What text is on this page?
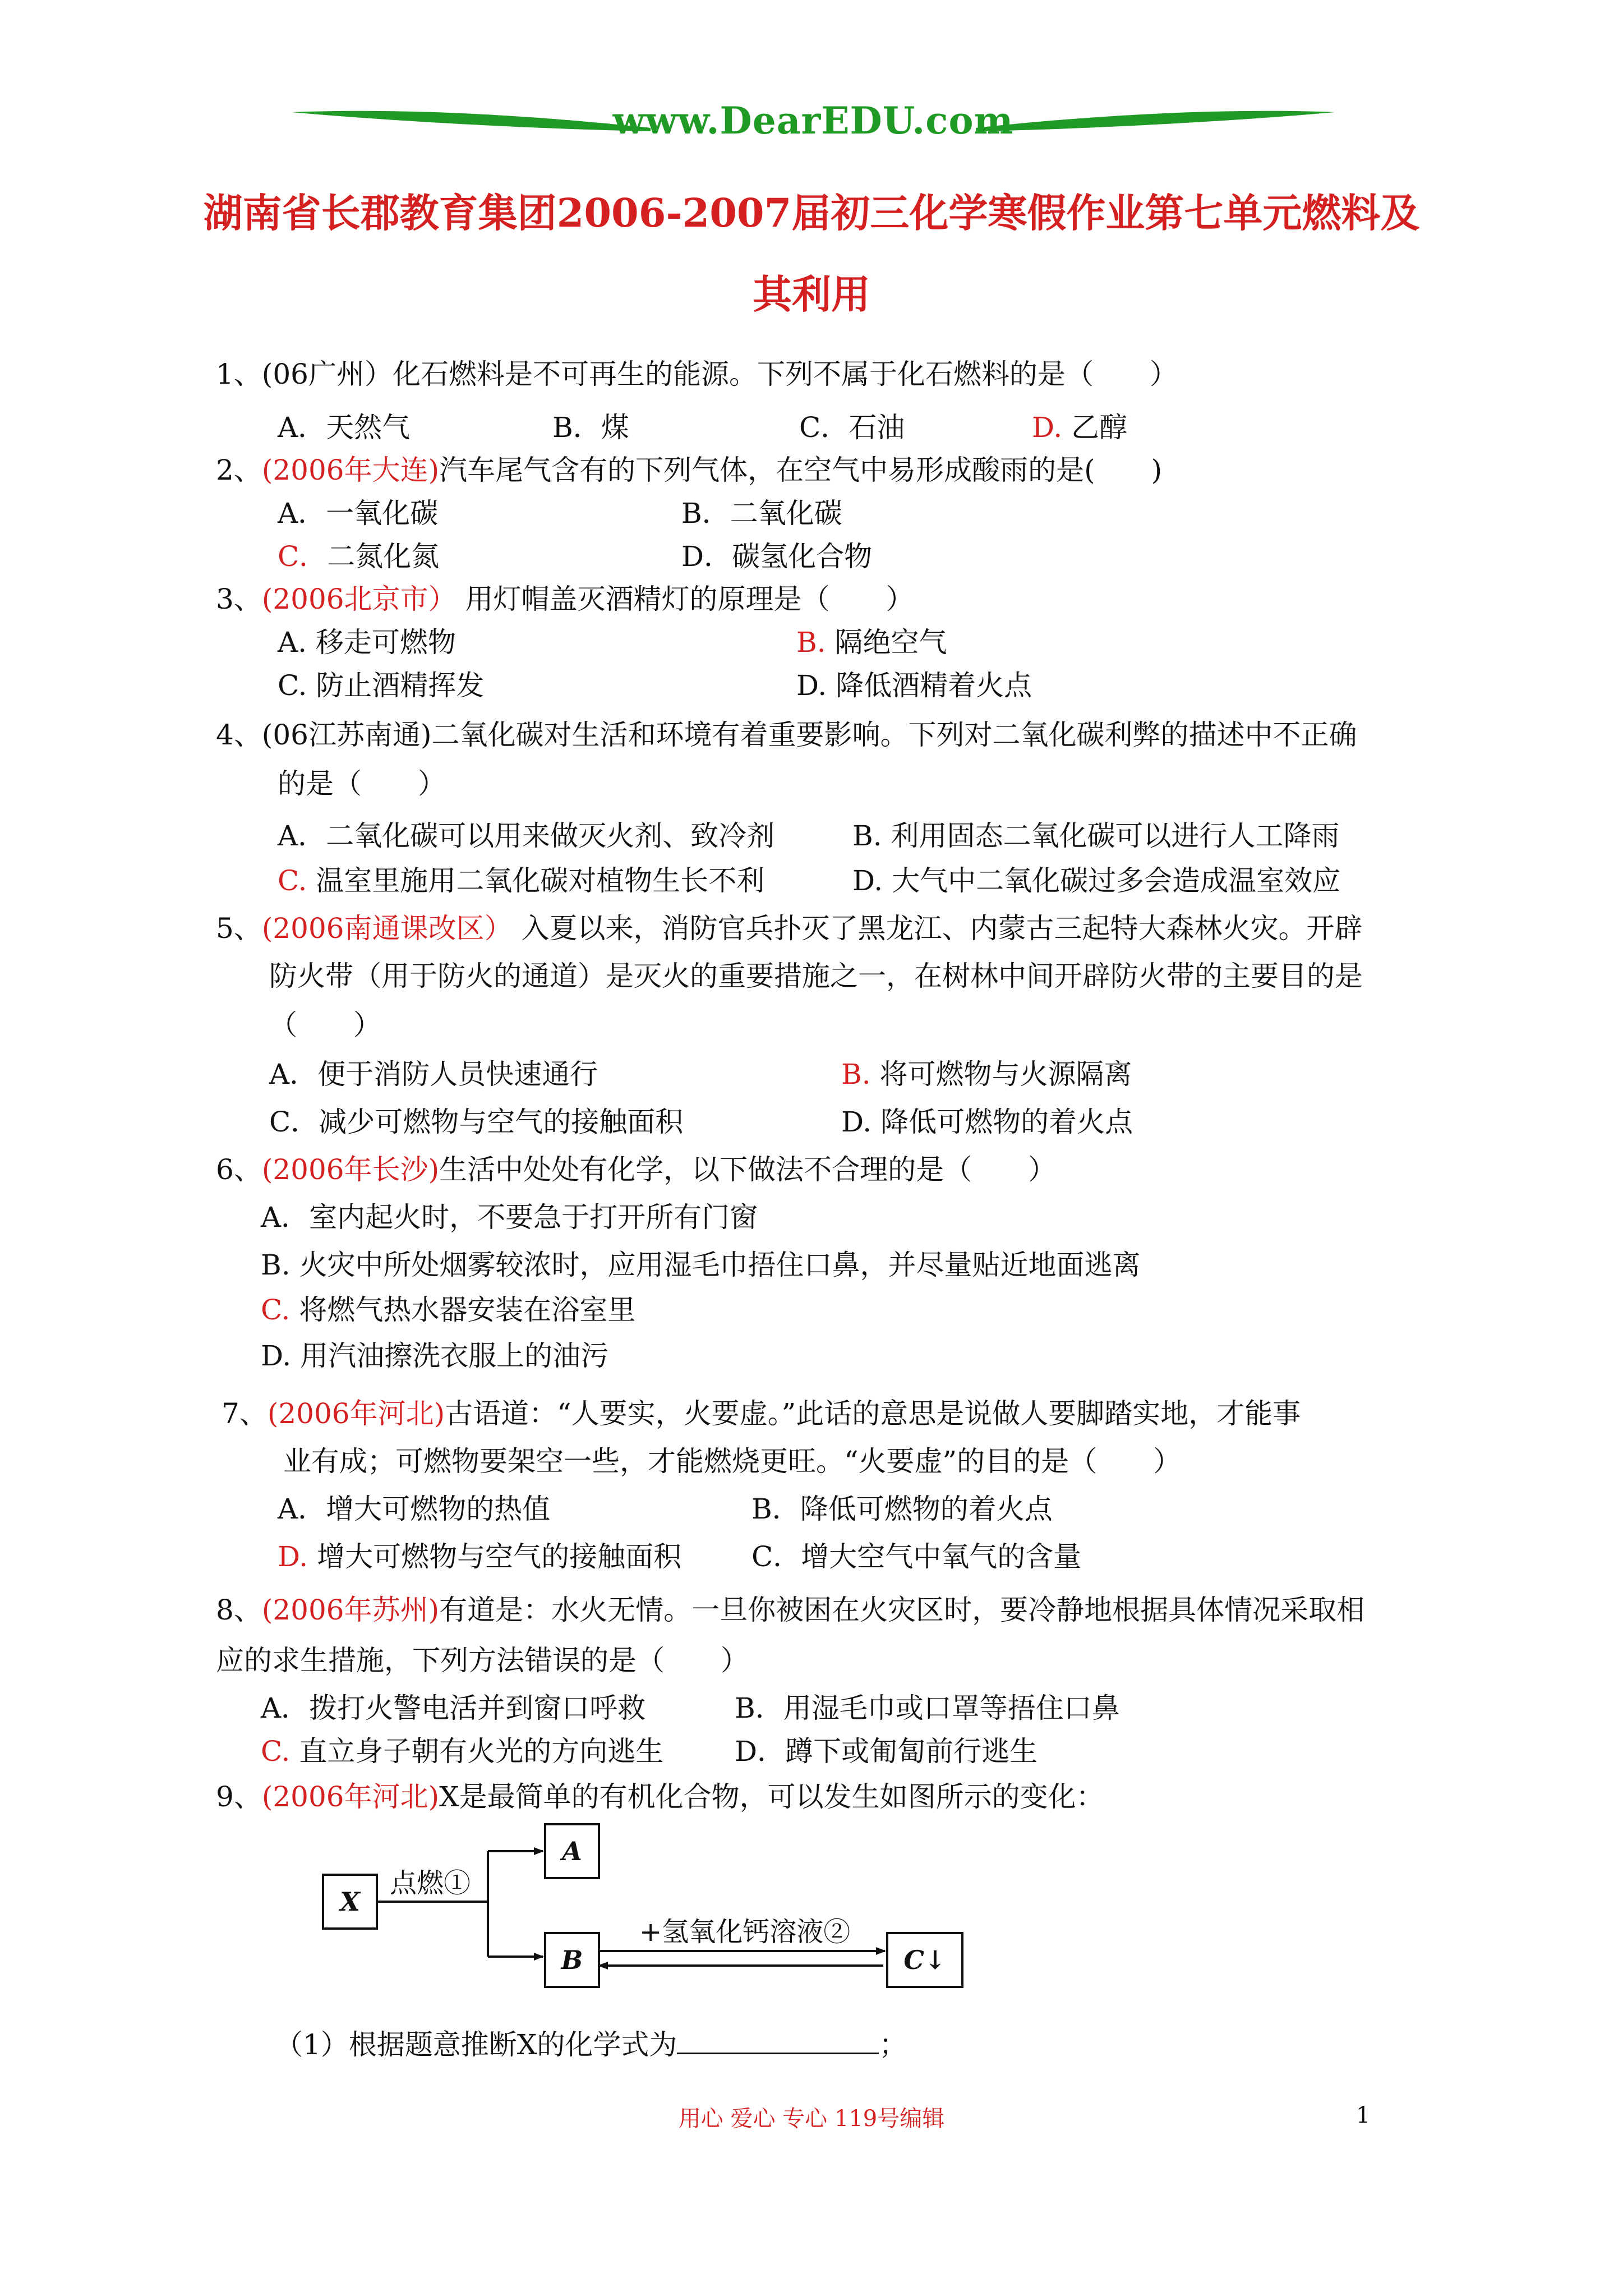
www.DearEDU.com
湖南省长郡教育集团2006-2007届初三化学寒假作业第七单元燃料及
其利用
1、(06广州）化石燃料是不可再生的能源。下列不属于化石燃料的是（　　）
A．天然气	B．煤	C．石油	D. 乙醇
2、(2006年大连)汽车尾气含有的下列气体，在空气中易形成酸雨的是(　　)
A．一氧化碳	B．二氧化碳
C．二氮化氮	D．碳氢化合物
3、(2006北京市） 用灯帽盖灭酒精灯的原理是（　　）
A. 移走可燃物	B. 隔绝空气
C. 防止酒精挥发	D. 降低酒精着火点
4、(06江苏南通)二氧化碳对生活和环境有着重要影响。下列对二氧化碳利弊的描述中不正确
的是（　　）
A．二氧化碳可以用来做灭火剂、致冷剂	B. 利用固态二氧化碳可以进行人工降雨
C. 温室里施用二氧化碳对植物生长不利	D. 大气中二氧化碳过多会造成温室效应
5、(2006南通课改区） 入夏以来，消防官兵扑灭了黑龙江、内蒙古三起特大森林火灾。开辟
防火带（用于防火的通道）是灭火的重要措施之一，在树林中间开辟防火带的主要目的是
（　　）
A．便于消防人员快速通行	B. 将可燃物与火源隔离
C．减少可燃物与空气的接触面积	D. 降低可燃物的着火点
6、(2006年长沙)生活中处处有化学，以下做法不合理的是（　　）
A．室内起火时，不要急于打开所有门窗
B. 火灾中所处烟雾较浓时，应用湿毛巾捂住口鼻，并尽量贴近地面逃离
C. 将燃气热水器安装在浴室里
D. 用汽油擦洗衣服上的油污
7、(2006年河北)古语道：“人要实，火要虚。”此话的意思是说做人要脚踏实地，才能事
业有成；可燃物要架空一些，才能燃烧更旺。“火要虚”的目的是（　　）
A．增大可燃物的热值	B．降低可燃物的着火点
D. 增大可燃物与空气的接触面积 C．增大空气中氧气的含量
8、(2006年苏州)有道是：水火无情。一旦你被困在火灾区时，要冷静地根据具体情况采取相
应的求生措施，下列方法错误的是（　　）
A．拨打火警电活并到窗口呼救	B．用湿毛巾或口罩等捂住口鼻
C. 直立身子朝有火光的方向逃生	D．蹲下或匍匐前行逃生
9、(2006年河北)X是最简单的有机化合物，可以发生如图所示的变化：
X
A
B	C↓
点燃①
+氢氧化钙溶液②
（1）根据题意推断X的化学式为	；
用心 爱心 专心 119号编辑	1
